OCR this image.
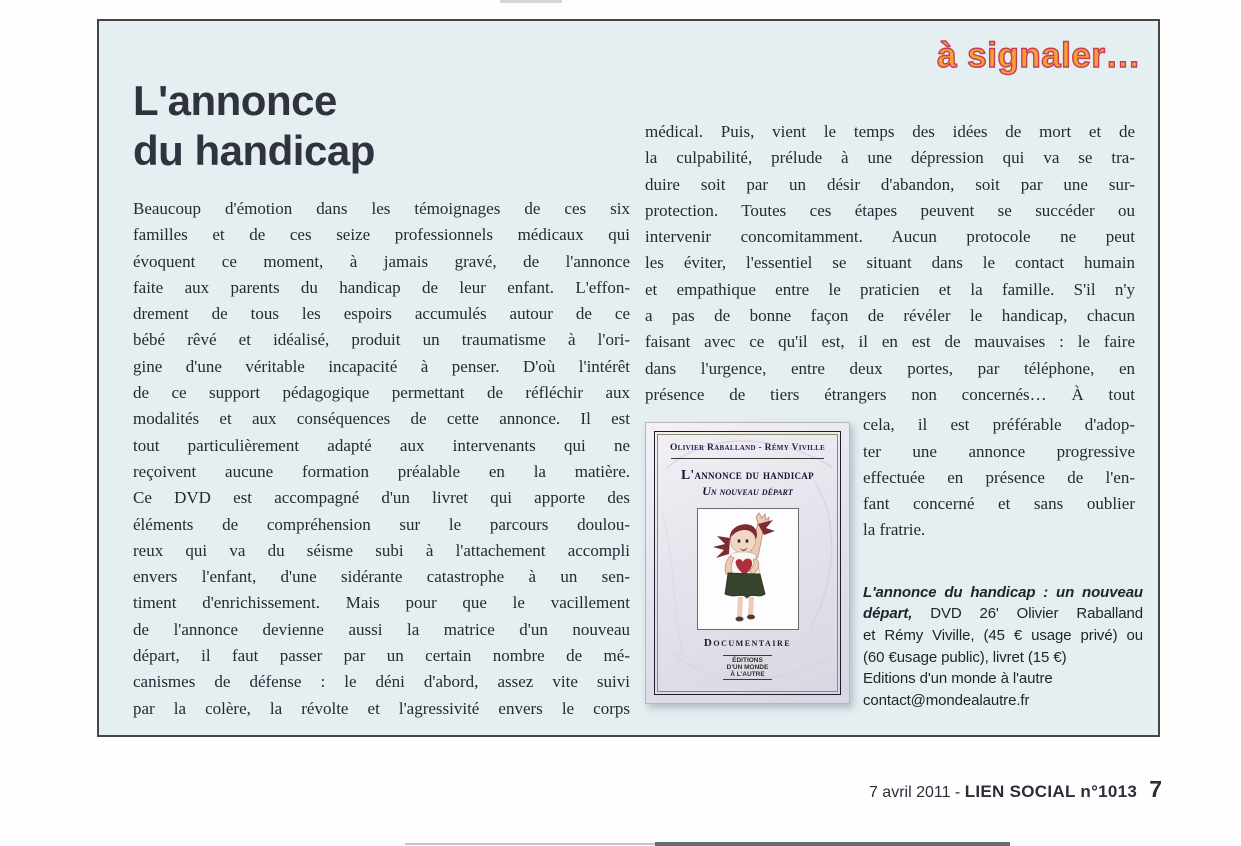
à signaler…
L'annonce
du handicap
Beaucoup d'émotion dans les témoignages de ces six
familles et de ces seize professionnels médicaux qui
évoquent ce moment, à jamais gravé, de l'annonce
faite aux parents du handicap de leur enfant. L'effon-
drement de tous les espoirs accumulés autour de ce
bébé rêvé et idéalisé, produit un traumatisme à l'ori-
gine d'une véritable incapacité à penser. D'où l'intérêt
de ce support pédagogique permettant de réfléchir aux
modalités et aux conséquences de cette annonce. Il est
tout particulièrement adapté aux intervenants qui ne
reçoivent aucune formation préalable en la matière.
Ce DVD est accompagné d'un livret qui apporte des
éléments de compréhension sur le parcours doulou-
reux qui va du séisme subi à l'attachement accompli
envers l'enfant, d'une sidérante catastrophe à un sen-
timent d'enrichissement. Mais pour que le vacillement
de l'annonce devienne aussi la matrice d'un nouveau
départ, il faut passer par un certain nombre de mé-
canismes de défense : le déni d'abord, assez vite suivi
par la colère, la révolte et l'agressivité envers le corps
médical. Puis, vient le temps des idées de mort et de
la culpabilité, prélude à une dépression qui va se tra-
duire soit par un désir d'abandon, soit par une sur-
protection. Toutes ces étapes peuvent se succéder ou
intervenir concomitamment. Aucun protocole ne peut
les éviter, l'essentiel se situant dans le contact humain
et empathique entre le praticien et la famille. S'il n'y
a pas de bonne façon de révéler le handicap, chacun
faisant avec ce qu'il est, il en est de mauvaises : le faire
dans l'urgence, entre deux portes, par téléphone, en
présence de tiers étrangers non concernés… À tout
Olivier Raballand - Rémy Viville
L'annonce du handicap
Un nouveau départ
Documentaire
ÉDITIONS
D'UN MONDE
À L'AUTRE
cela, il est préférable d'adop-
ter une annonce progressive
effectuée en présence de l'en-
fant concerné et sans oublier
la fratrie.
L'annonce du handicap : un nouveau
départ, DVD 26' Olivier Raballand
et Rémy Viville, (45 € usage privé) ou
(60 €usage public), livret (15 €)
Editions d'un monde à l'autre
contact@mondealautre.fr
7 avril 2011 - LIEN SOCIAL n°1013 7
